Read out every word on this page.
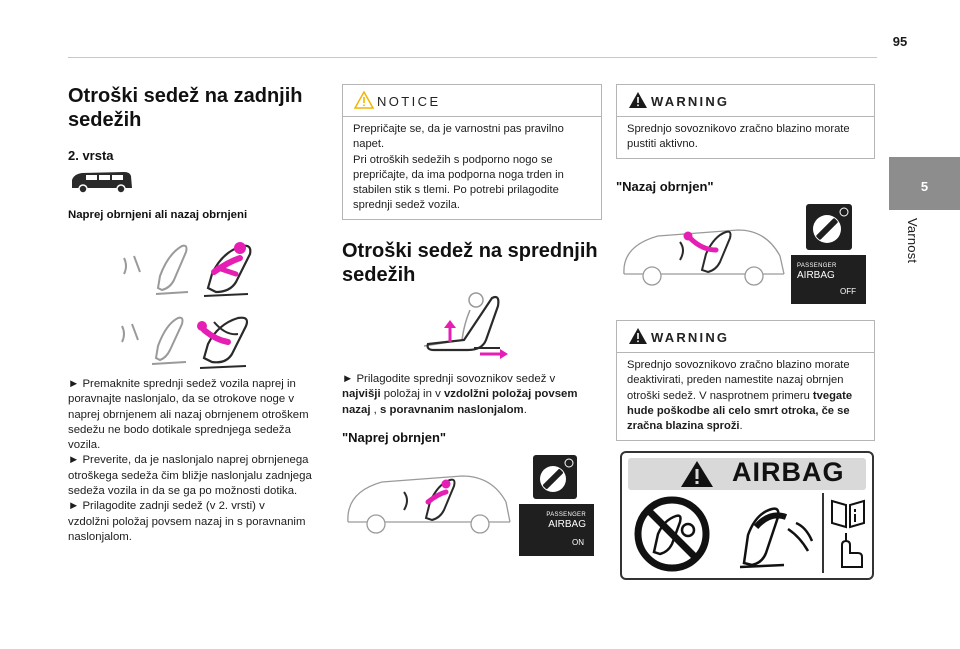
95
5
Varnost
Otroški sedež na zadnjih
sedežih
2. vrsta
Naprej obrnjeni ali nazaj obrnjeni
► Premaknite sprednji sedež vozila naprej in
poravnajte naslonjalo, da se otrokove noge v
naprej obrnjenem ali nazaj obrnjenem otroškem
sedežu ne bodo dotikale sprednjega sedeža
vozila.
► Preverite, da je naslonjalo naprej obrnjenega
otroškega sedeža čim bližje naslonjalu zadnjega
sedeža vozila in da se ga po možnosti dotika.
► Prilagodite zadnji sedež (v 2. vrsti) v
vzdolžni položaj povsem nazaj in s poravnanim
naslonjalom.
NOTICE
Prepričajte se, da je varnostni pas pravilno
napet.
Pri otroških sedežih s podporno nogo se
prepričajte, da ima podporna noga trden in
stabilen stik s tlemi. Po potrebi prilagodite
sprednji sedež vozila.
Otroški sedež na sprednjih
sedežih
► Prilagodite sprednji sovoznikov sedež v
najvišji položaj in v vzdolžni položaj povsem
nazaj , s poravnanim naslonjalom.
"Naprej obrnjen"
PASSENGER
AIRBAG
ON
WARNING
Sprednjo sovoznikovo zračno blazino morate
pustiti aktivno.
"Nazaj obrnjen"
PASSENGER
AIRBAG
OFF
WARNING
Sprednjo sovoznikovo zračno blazino morate
deaktivirati, preden namestite nazaj obrnjen
otroški sedež. V nasprotnem primeru tvegate
hude poškodbe ali celo smrt otroka, če se
zračna blazina sproži.
AIRBAG
